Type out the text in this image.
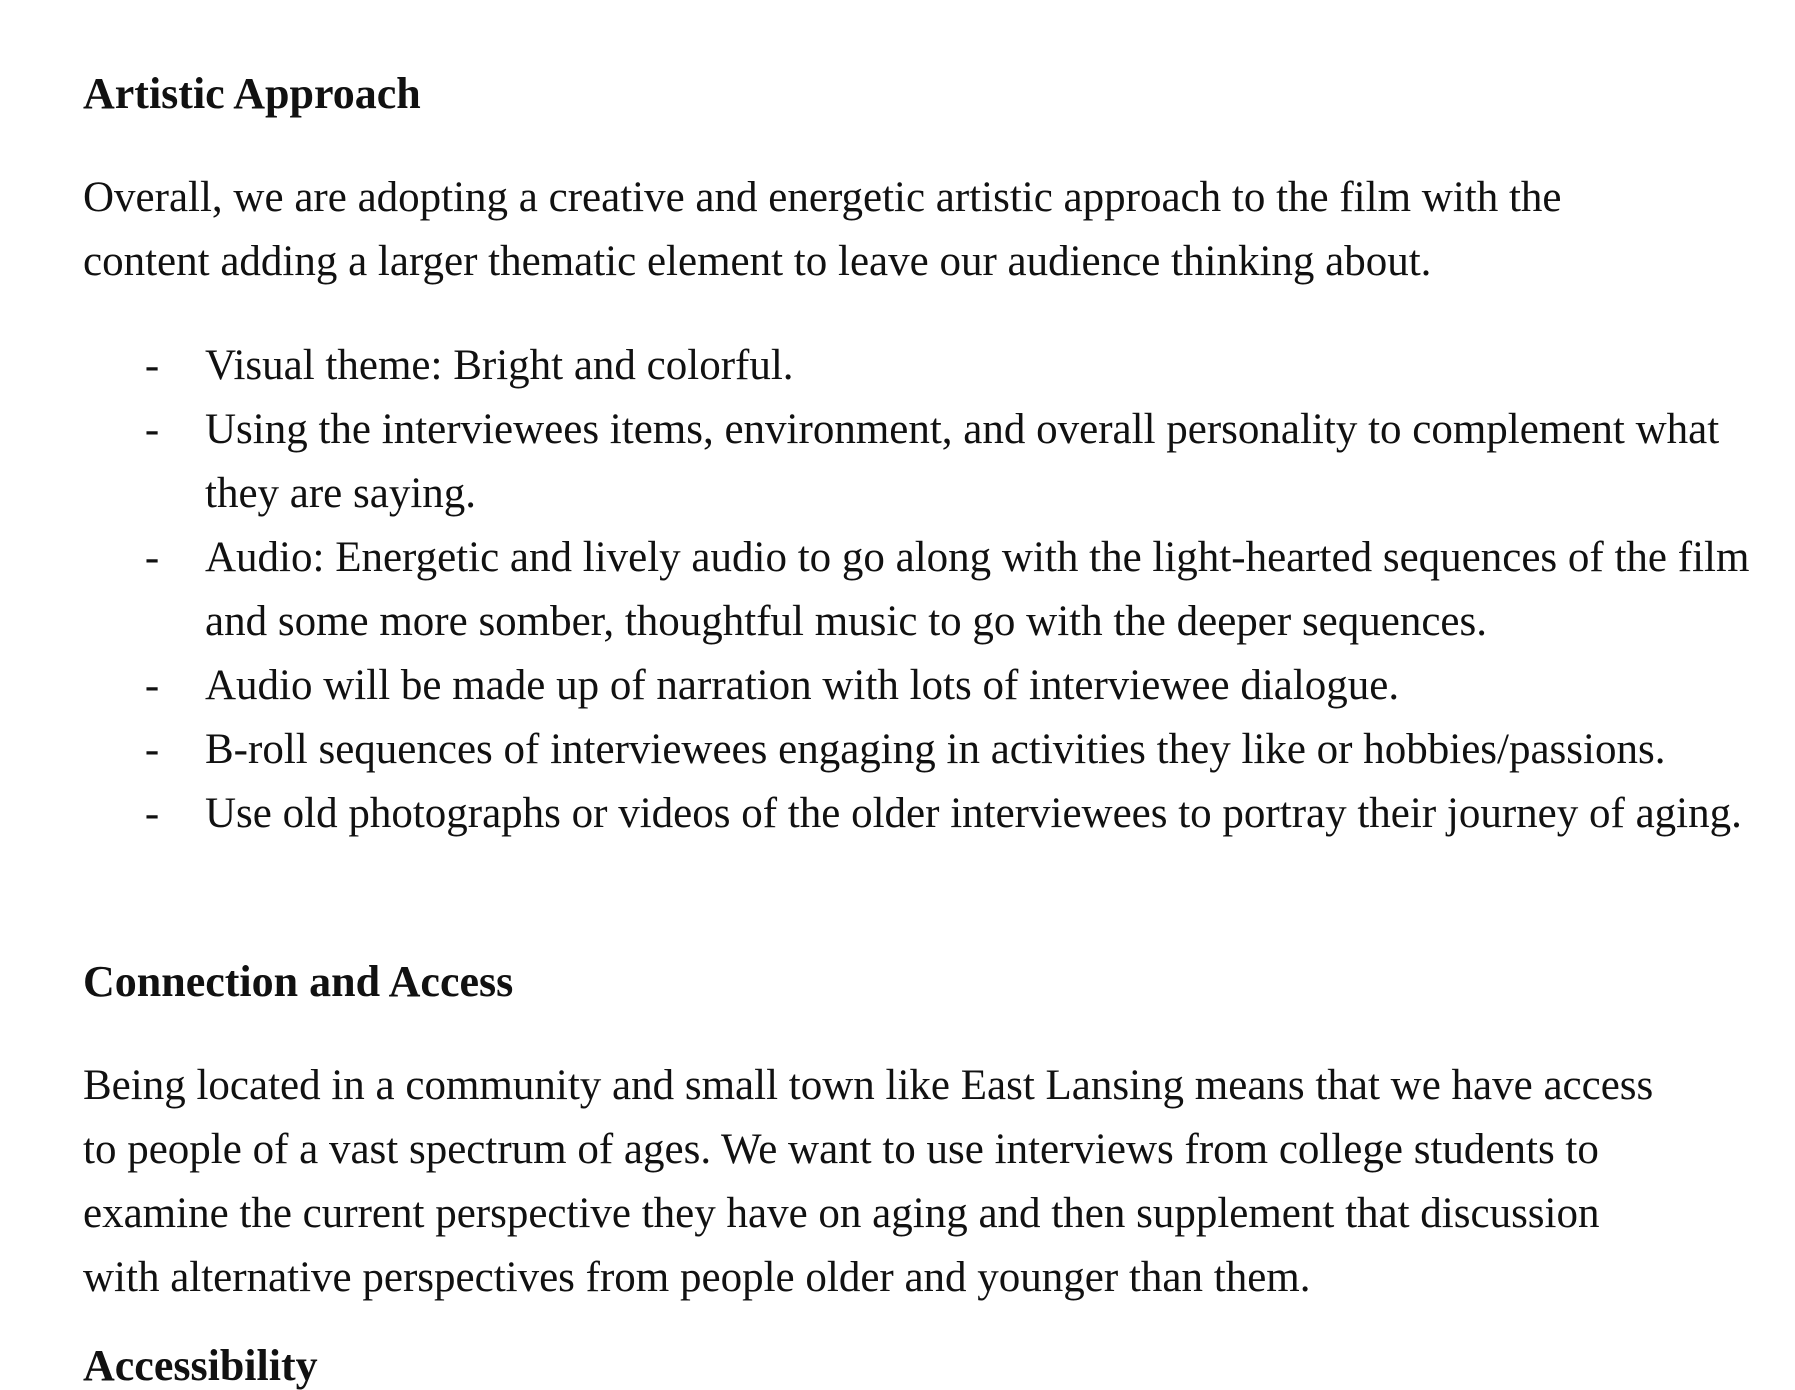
Artistic Approach

Overall, we are adopting a creative and energetic artistic approach to the film with the content adding a larger thematic element to leave our audience thinking about.

- Visual theme: Bright and colorful.
- Using the interviewees items, environment, and overall personality to complement what they are saying.
- Audio: Energetic and lively audio to go along with the light-hearted sequences of the film and some more somber, thoughtful music to go with the deeper sequences.
- Audio will be made up of narration with lots of interviewee dialogue.
- B-roll sequences of interviewees engaging in activities they like or hobbies/passions.
- Use old photographs or videos of the older interviewees to portray their journey of aging.
Connection and Access

Being located in a community and small town like East Lansing means that we have access to people of a vast spectrum of ages. We want to use interviews from college students to examine the current perspective they have on aging and then supplement that discussion with alternative perspectives from people older and younger than them.

Accessibility
